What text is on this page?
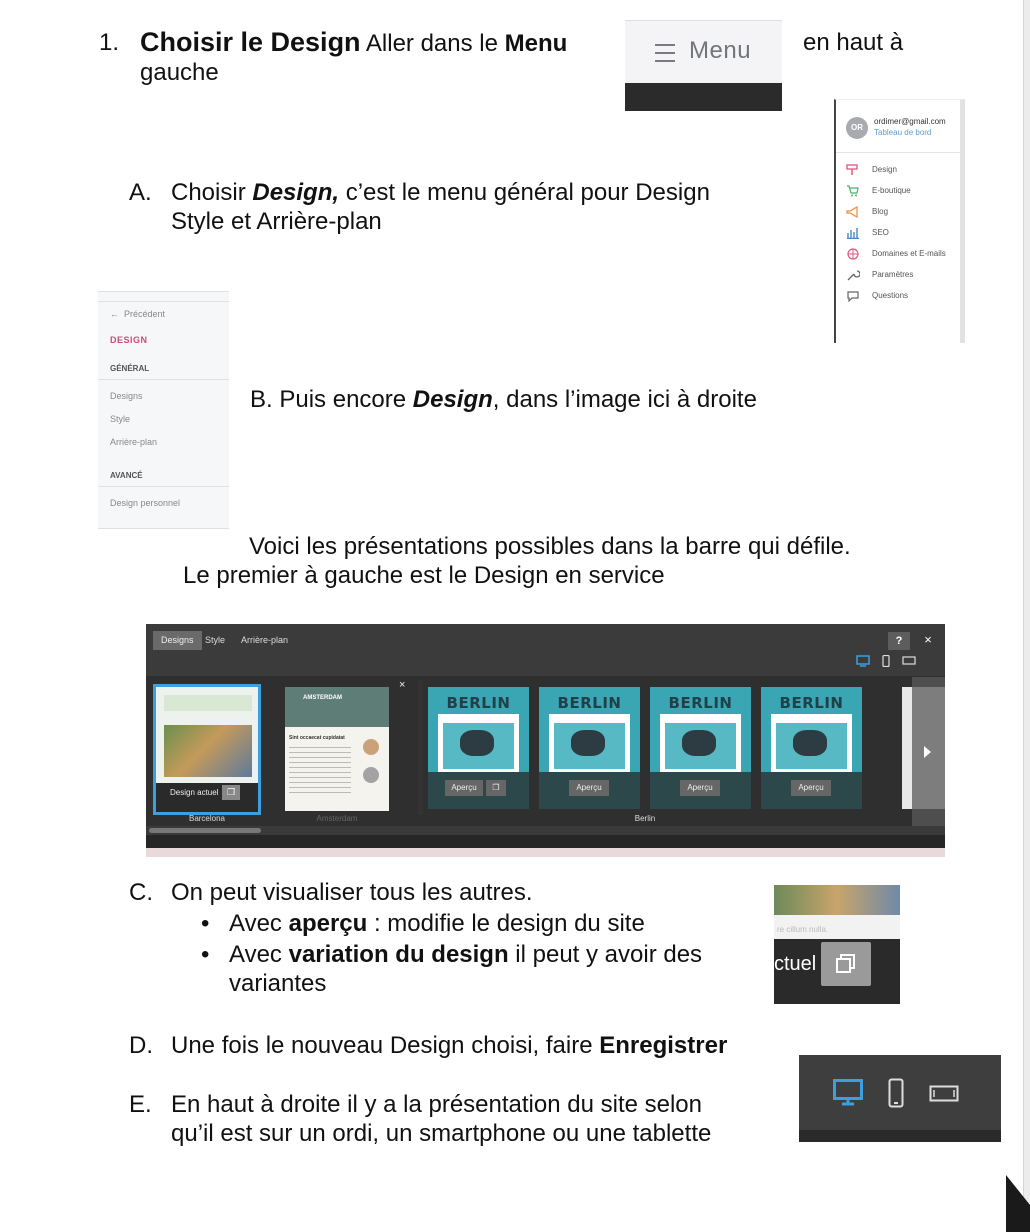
1. Choisir le Design Aller dans le Menu	en haut à
gauche
Menu
OR
ordimer@gmail.com
Tableau de bord
Design
E-boutique
Blog
SEO
Domaines et E-mails
Paramètres
Questions
A. Choisir Design, c’est le menu général pour Design
Style et Arrière-plan
←  Précédent
DESIGN
GÉNÉRAL
Designs
Style
Arrière-plan
AVANCÉ
Design personnel
B. Puis encore Design, dans l’image ici à droite
Voici les présentations possibles dans la barre qui défile.
Le premier à gauche est le Design en service
Designs	Style	Arrière-plan	?	×
Design actuel ❐
Barcelona
AMSTERDAM
Sint occaecat cupidatat
Amsterdam
×
BERLIN
Aperçu	❐
BERLIN
Aperçu
BERLIN
Aperçu
BERLIN
Aperçu
Berlin
C. On peut visualiser tous les autres.
• Avec aperçu : modifie le design du site
• Avec variation du design il peut y avoir des
variantes
re cillum nulla.
ctuel
D. Une fois le nouveau Design choisi, faire Enregistrer
E. En haut à droite il y a la présentation du site selon
qu’il est sur un ordi, un smartphone ou une tablette
